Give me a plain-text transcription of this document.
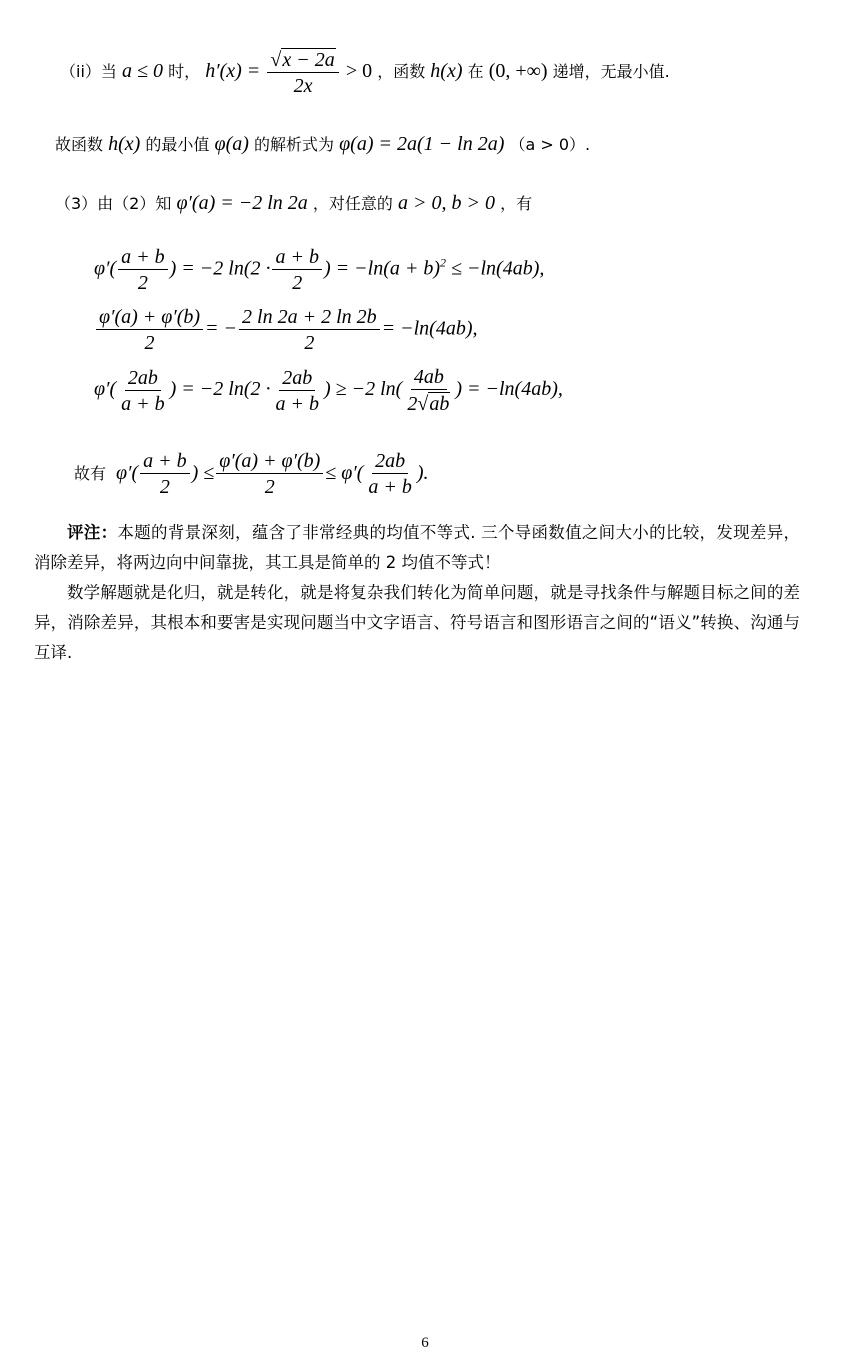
（ii）当 a ≤ 0 时， $h'(x) = \frac{√x - 2a}{2x} > 0$ ，函数 h(x) 在 (0, +∞) 递增，无最小值.
故函数 h(x) 的最小值 φ(a) 的解析式为 φ(a) = 2a(1 − ln 2a) （a > 0）.
（3）由（2）知 φ′(a) = −2 ln 2a ，对任意的 a > 0, b > 0 ，有
$\varphi'( \frac{a + b}{2}$ ) = −2 $\ln(2 \cdot \frac{a + b}{2}$ ) = $-\ln(a + b)^2 \le -\ln(4ab)$,
$\frac{\varphi'(a) + \varphi'(b)}{2}$ = − $\frac{2 \ln 2a + 2 \ln 2b}{2} = -\ln(4ab)$,
$\varphi'( \frac{2ab}{a + b}$ ) = −2 $\ln(2 \cdot \frac{2ab}{a + b}$ ) ≥ −2 $\ln( \frac{4ab}{2√ab}$ ) = −ln(4ab),
故有 $\varphi'( \frac{a + b}{2}$ ) ≤ $\frac{\varphi'(a) + \varphi'(b)}{2} \le \varphi'( \frac{2ab}{a + b}$ ).
评注：本题的背景深刻，蕴含了非常经典的均值不等式. 三个导函数值之间大小的比较，发现差异，消除差异，将两边向中间靠拢，其工具是简单的 2 均值不等式！
数学解题就是化归，就是转化，就是将复杂我们转化为简单问题，就是寻找条件与解题目标之间的差异，消除差异，其根本和要害是实现问题当中文字语言、符号语言和图形语言之间的“语义”转换、沟通与互译.
6
